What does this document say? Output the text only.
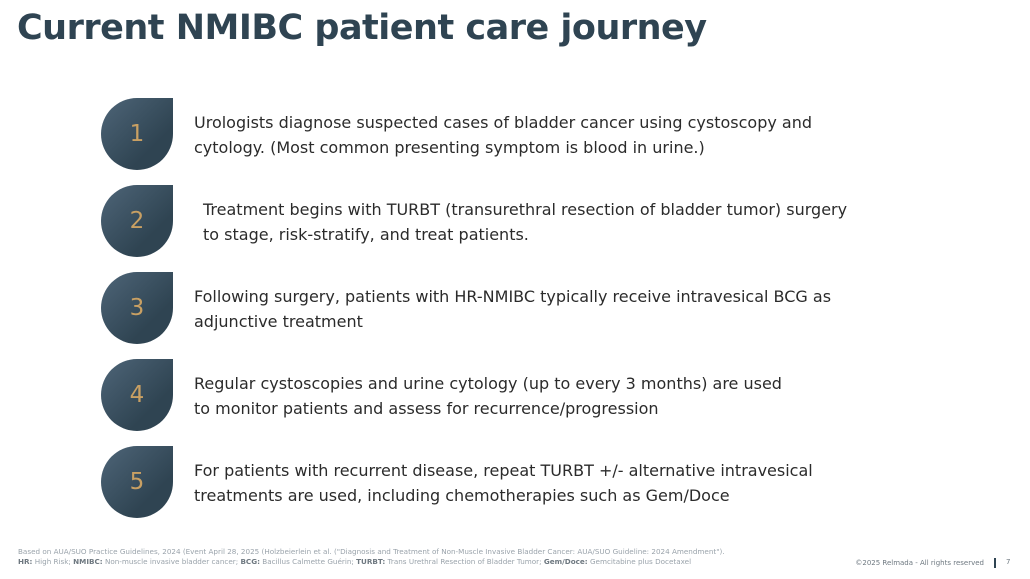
Current NMIBC patient care journey
1	Urologists diagnose suspected cases of bladder cancer using cystoscopy and
cytology. (Most common presenting symptom is blood in urine.)
2	Treatment begins with TURBT (transurethral resection of bladder tumor) surgery
to stage, risk-stratify, and treat patients.
3	Following surgery, patients with HR-NMIBC typically receive intravesical BCG as
adjunctive treatment
4	Regular cystoscopies and urine cytology (up to every 3 months) are used
to monitor patients and assess for recurrence/progression
5	For patients with recurrent disease, repeat TURBT +/- alternative intravesical
treatments are used, including chemotherapies such as Gem/Doce
Based on AUA/SUO Practice Guidelines, 2024 (Event April 28, 2025 (Holzbeierlein et al. ("Diagnosis and Treatment of Non-Muscle Invasive Bladder Cancer: AUA/SUO Guideline: 2024 Amendment").
HR: High Risk; NMIBC: Non-muscle invasive bladder cancer; BCG: Bacillus Calmette Guérin; TURBT: Trans Urethral Resection of Bladder Tumor; Gem/Doce: Gemcitabine plus Docetaxel	©2025 Relmada - All rights reserved	7
